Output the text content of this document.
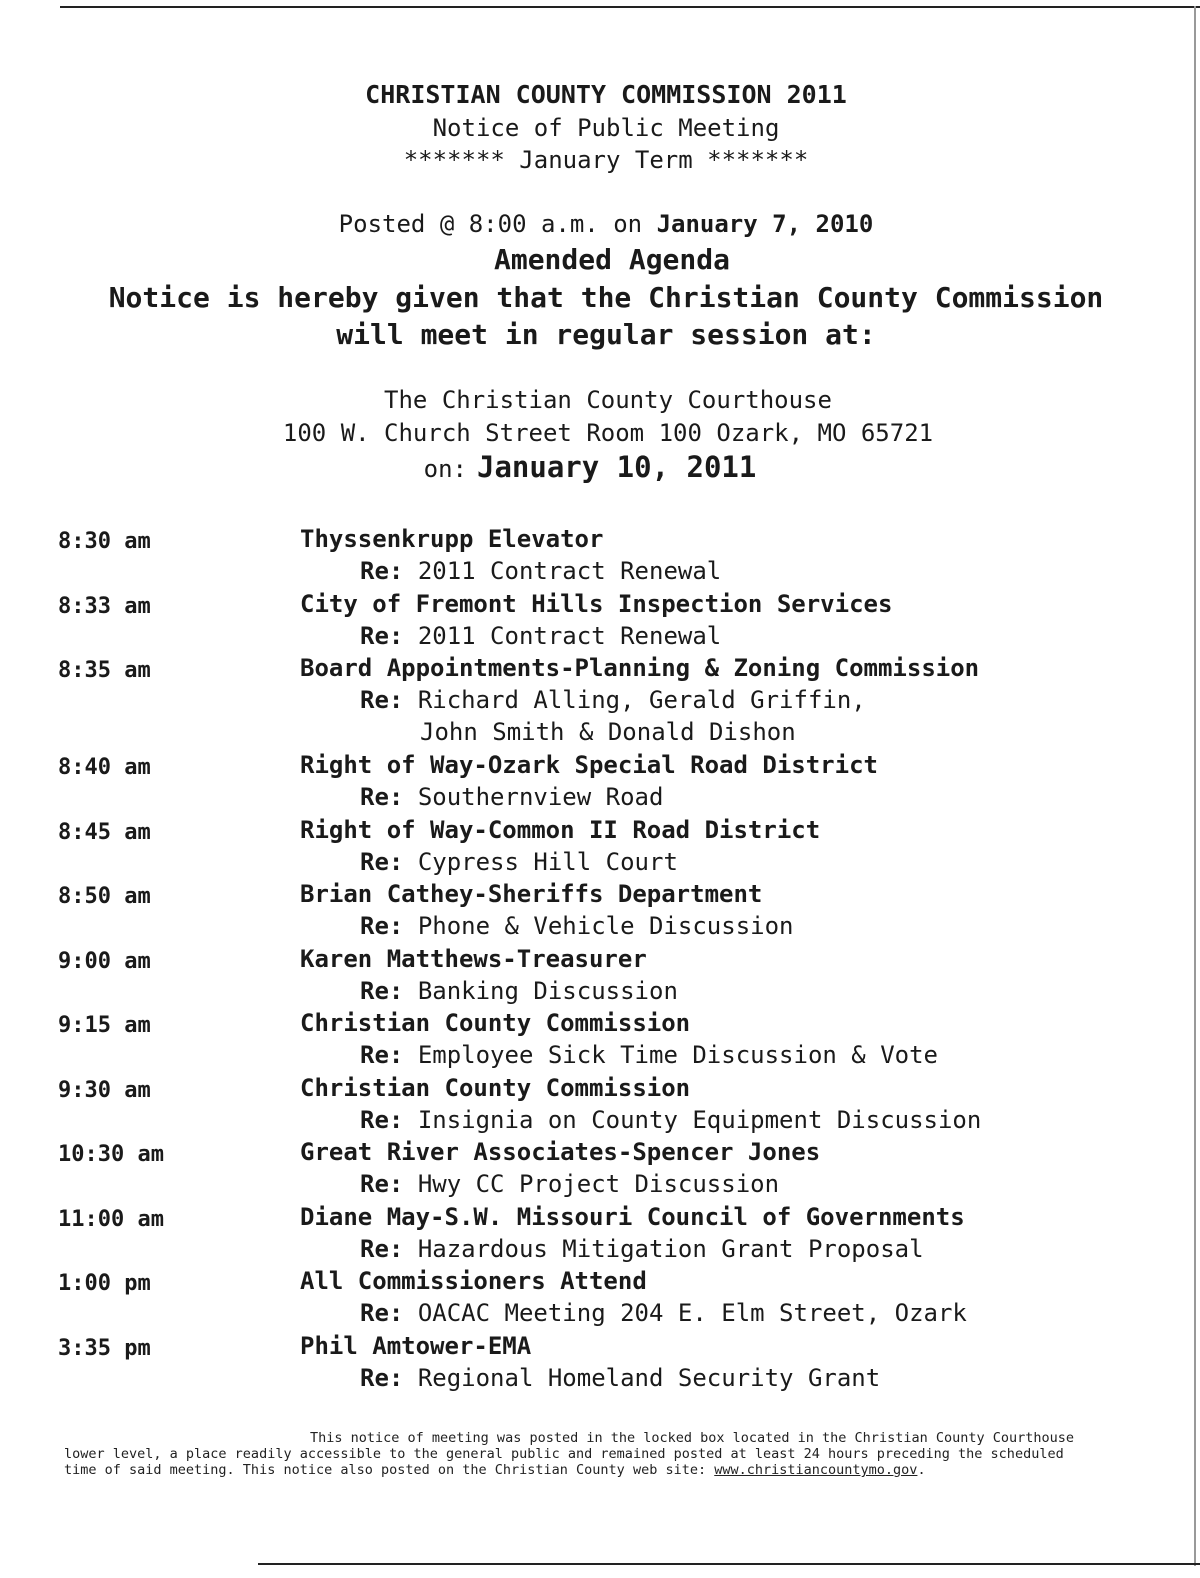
CHRISTIAN COUNTY COMMISSION 2011
Notice of Public Meeting
******* January Term *******
Posted @ 8:00 a.m. on January 7, 2010
Amended Agenda
Notice is hereby given that the Christian County Commission
will meet in regular session at:
The Christian County Courthouse
100 W. Church Street Room 100 Ozark, MO 65721
on: January 10, 2011
8:30 am	Thyssenkrupp Elevator
Re: 2011 Contract Renewal
8:33 am	City of Fremont Hills Inspection Services
Re: 2011 Contract Renewal
8:35 am	Board Appointments-Planning & Zoning Commission
Re: Richard Alling, Gerald Griffin,
John Smith & Donald Dishon
8:40 am	Right of Way-Ozark Special Road District
Re: Southernview Road
8:45 am	Right of Way-Common II Road District
Re: Cypress Hill Court
8:50 am	Brian Cathey-Sheriffs Department
Re: Phone & Vehicle Discussion
9:00 am	Karen Matthews-Treasurer
Re: Banking Discussion
9:15 am	Christian County Commission
Re: Employee Sick Time Discussion & Vote
9:30 am	Christian County Commission
Re: Insignia on County Equipment Discussion
10:30 am	Great River Associates-Spencer Jones
Re: Hwy CC Project Discussion
11:00 am	Diane May-S.W. Missouri Council of Governments
Re: Hazardous Mitigation Grant Proposal
1:00 pm	All Commissioners Attend
Re: OACAC Meeting 204 E. Elm Street, Ozark
3:35 pm	Phil Amtower-EMA
Re: Regional Homeland Security Grant
This notice of meeting was posted in the locked box located in the Christian County Courthouse
lower level, a place readily accessible to the general public and remained posted at least 24 hours preceding the scheduled
time of said meeting. This notice also posted on the Christian County web site: www.christiancountymo.gov.
